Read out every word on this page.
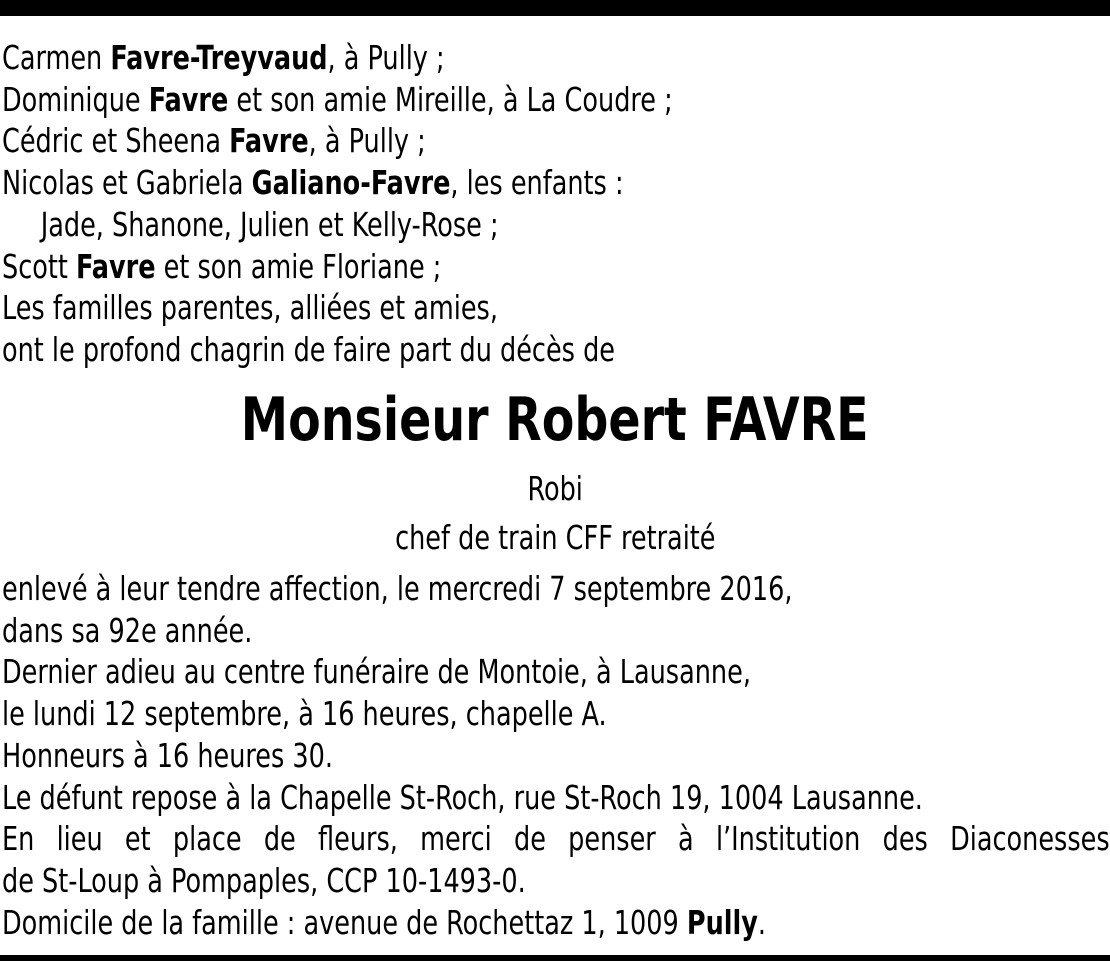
Carmen Favre-Treyvaud, à Pully ;
Dominique Favre et son amie Mireille, à La Coudre ;
Cédric et Sheena Favre, à Pully ;
Nicolas et Gabriela Galiano-Favre, les enfants :
Jade, Shanone, Julien et Kelly-Rose ;
Scott Favre et son amie Floriane ;
Les familles parentes, alliées et amies,
ont le profond chagrin de faire part du décès de
Monsieur Robert FAVRE
Robi
chef de train CFF retraité
enlevé à leur tendre affection, le mercredi 7 septembre 2016,
dans sa 92e année.
Dernier adieu au centre funéraire de Montoie, à Lausanne,
le lundi 12 septembre, à 16 heures, chapelle A.
Honneurs à 16 heures 30.
Le défunt repose à la Chapelle St-Roch, rue St-Roch 19, 1004 Lausanne.
En lieu et place de fleurs, merci de penser à l’Institution des Diaconesses
de St-Loup à Pompaples, CCP 10-1493-0.
Domicile de la famille : avenue de Rochettaz 1, 1009 Pully.
